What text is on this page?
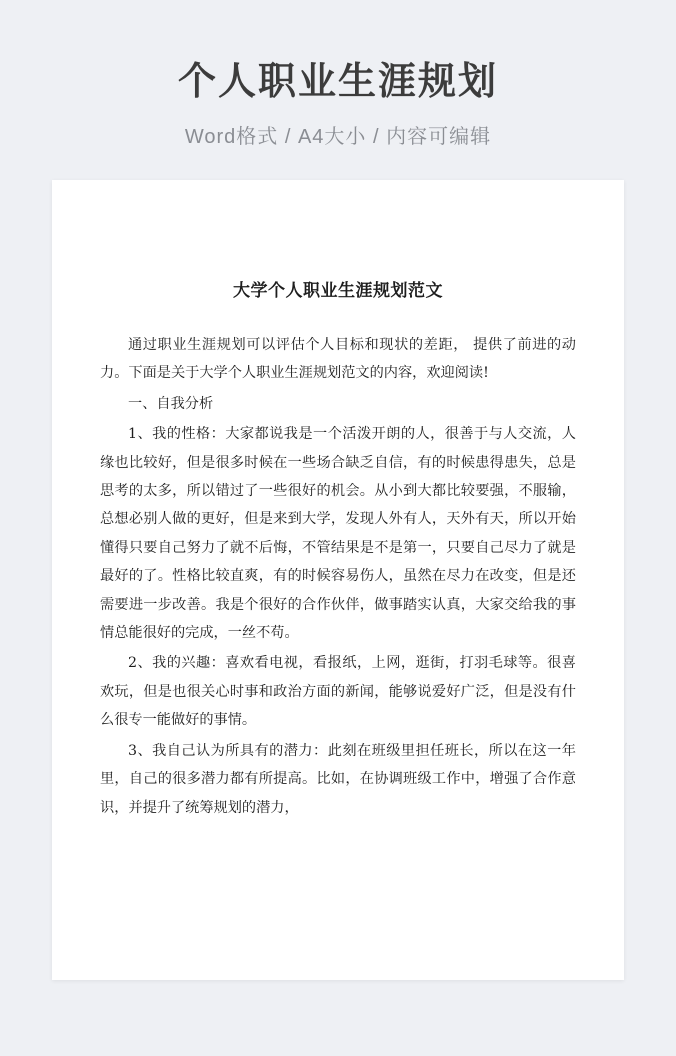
个人职业生涯规划
Word格式 / A4大小 / 内容可编辑
大学个人职业生涯规划范文

通过职业生涯规划可以评估个人目标和现状的差距， 提供了前进的动力。下面是关于大学个人职业生涯规划范文的内容，欢迎阅读!

一、自我分析

1、我的性格：大家都说我是一个活泼开朗的人，很善于与人交流，人缘也比较好，但是很多时候在一些场合缺乏自信，有的时候患得患失，总是思考的太多，所以错过了一些很好的机会。从小到大都比较要强，不服输，总想必别人做的更好，但是来到大学，发现人外有人，天外有天，所以开始懂得只要自己努力了就不后悔，不管结果是不是第一，只要自己尽力了就是最好的了。性格比较直爽，有的时候容易伤人，虽然在尽力在改变，但是还需要进一步改善。我是个很好的合作伙伴，做事踏实认真，大家交给我的事情总能很好的完成，一丝不苟。

2、我的兴趣：喜欢看电视，看报纸，上网，逛街，打羽毛球等。很喜欢玩，但是也很关心时事和政治方面的新闻，能够说爱好广泛，但是没有什么很专一能做好的事情。

3、我自己认为所具有的潜力：此刻在班级里担任班长，所以在这一年里，自己的很多潜力都有所提高。比如，在协调班级工作中，增强了合作意识，并提升了统筹规划的潜力，
